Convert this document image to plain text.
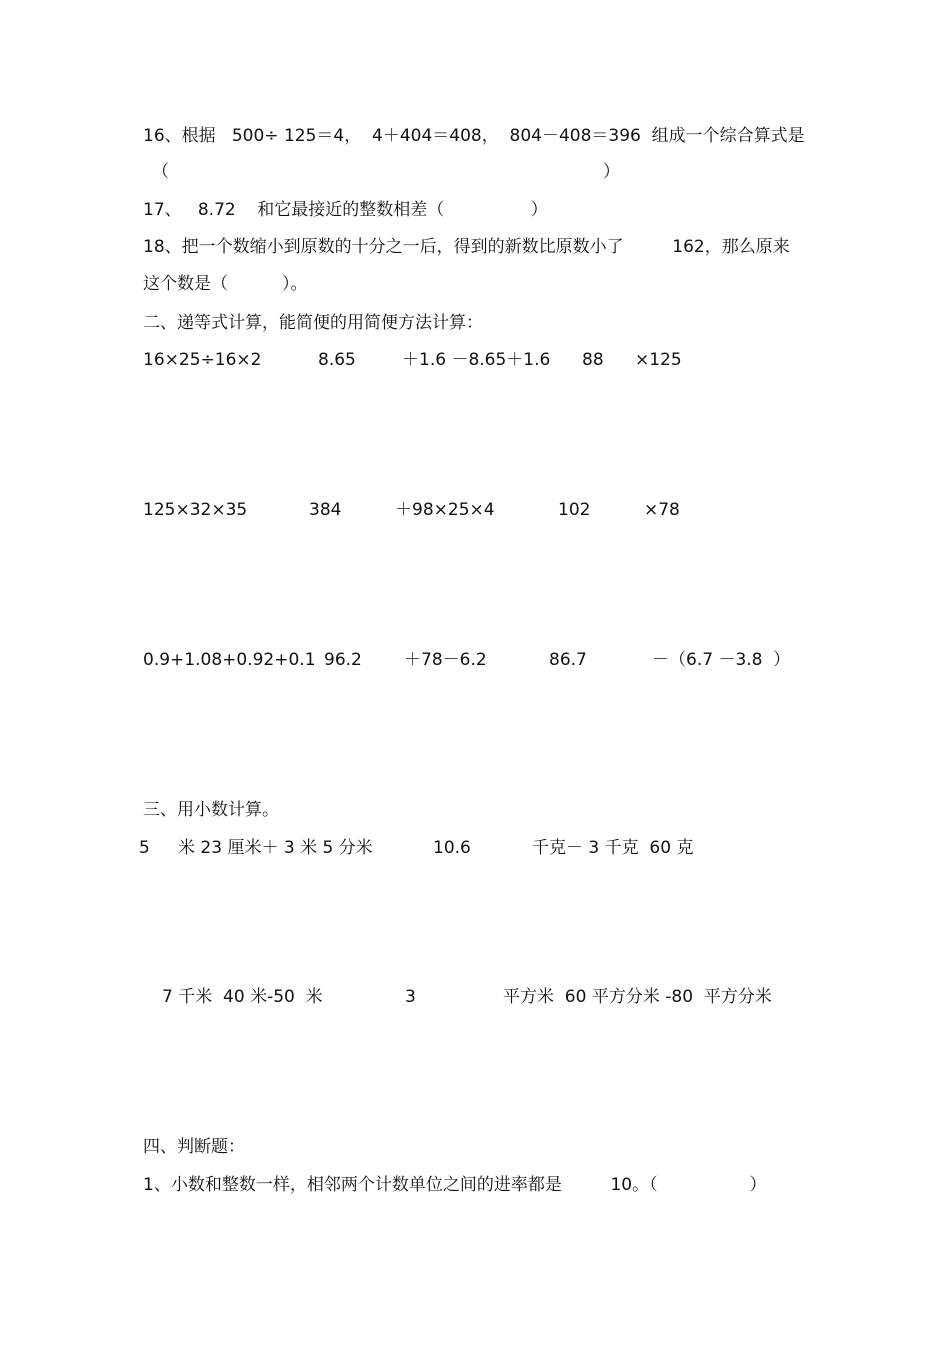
16、根据   500÷ 125＝4，  4＋404＝408，  804－408＝396  组成一个综合算式是
（	）
17、   8.72    和它最接近的整数相差（                ）
18、把一个数缩小到原数的十分之一后，得到的新数比原数小了         162，那么原来
这个数是（          ）。
二、递等式计算，能简便的用简便方法计算：
16×25÷16×2	8.65	＋1.6 －8.65＋1.6 88 ×125
125×32×35	384	＋98×25×4	102	×78
0.9+1.08+0.92+0.1 96.2 ＋78－6.2	86.7	－（6.7 －3.8  ）
三、用小数计算。
5 米 23 厘米＋ 3 米 5 分米	10.6	千克－ 3 千克  60 克
7 千米  40 米-50  米	3	平方米  60 平方分米 -80  平方分米
四、判断题：
1、小数和整数一样，相邻两个计数单位之间的进率都是         10。（                 ）
